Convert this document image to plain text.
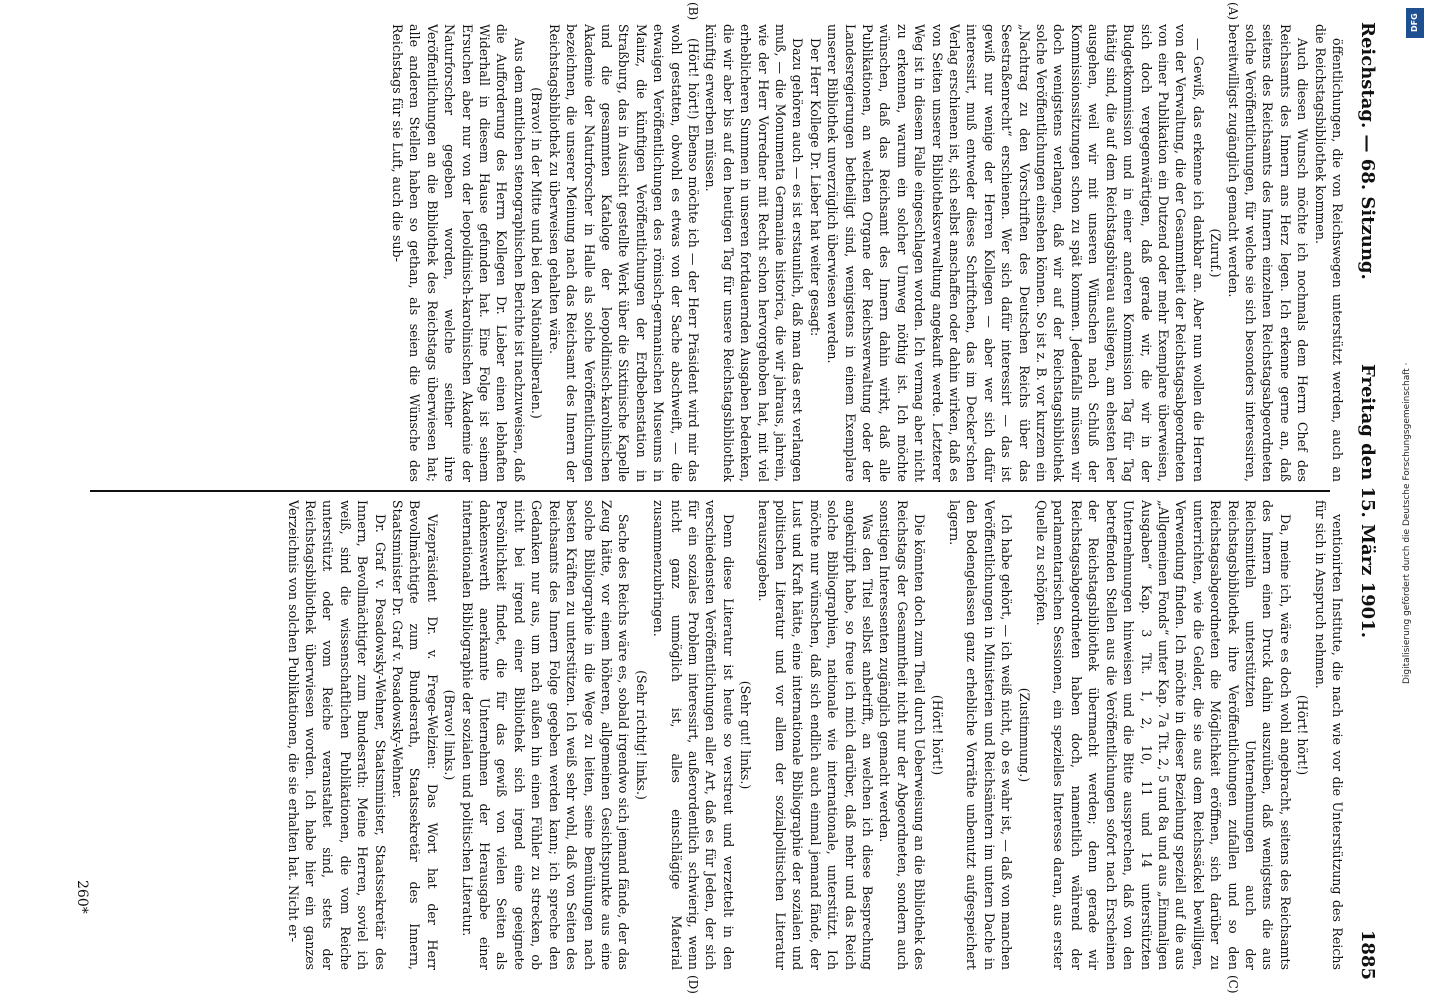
Reichstag. — 68. Sitzung.
Freitag den 15. März 1901.
1885
(A)
(B)
(C)
(D)

öffentlichungen, die von Reichswegen unterstützt werden, auch an die Reichstagsbibliothek kommen.

Auch diesen Wunsch möchte ich nochmals dem Herrn Chef des Reichsamts des Innern ans Herz legen. Ich erkenne gerne an, daß seitens des Reichsamts des Innern einzelnen Reichstagsabgeordneten solche Veröffentlichungen, für welche sie sich besonders interessiren, bereitwilligst zugänglich gemacht werden.

(Zuruf.)

— Gewiß, das erkenne ich dankbar an. Aber nun wollen die Herren von der Verwaltung, die der Gesammtheit der Reichstagsabgeordneten von einer Publikation ein Dutzend oder mehr Exemplare überweisen, sich doch vergegenwärtigen, daß gerade wir, die wir in der Budgetkommission und in einer anderen Kommission Tag für Tag thätig sind, die auf dem Reichstagsbüreau ausliegen, am ehesten leer ausgehen, weil wir mit unseren Wünschen nach Schluß der Kommissionssitzungen schon zu spät kommen. Jedenfalls müssen wir doch wenigstens verlangen, daß wir auf der Reichstagsbibliothek solche Veröffentlichungen einsehen können. So ist z. B. vor kurzem ein „Nachtrag zu den Vorschriften des Deutschen Reichs über das Seestraßenrecht“ erschienen. Wer sich dafür interessirt — das ist gewiß nur wenige der Herren Kollegen — aber wer sich dafür interessirt, muß entweder dieses Schriftchen, das im Decker'schen Verlag erschienen ist, sich selbst anschaffen oder dahin wirken, daß es von Seiten unserer Bibliotheksverwaltung angekauft werde. Letzterer Weg ist in diesem Falle eingeschlagen worden. Ich vermag aber nicht zu erkennen, warum ein solcher Umweg nöthig ist. Ich möchte wünschen, daß das Reichsamt des Innern dahin wirkt, daß alle Publikationen, an welchen Organe der Reichsverwaltung oder der Landesregierungen betheiligt sind, wenigstens in einem Exemplare unserer Bibliothek unverzüglich überwiesen werden.

Der Herr Kollege Dr. Lieber hat weiter gesagt:

Dazu gehören auch — es ist erstaunlich, daß man das erst verlangen muß, — die Monumenta Germaniae historica, die wir jahraus, jahrein, wie der Herr Vorredner mit Recht schon hervorgehoben hat, mit viel erheblicheren Summen in unseren fortdauernden Ausgaben bedenken, die wir aber bis auf den heutigen Tag für unsere Reichstagsbibliothek künftig erwerben müssen.

(Hört! hört!) Ebenso möchte ich — der Herr Präsident wird mir das wohl gestatten, obwohl es etwas von der Sache abschweift, — die etwaigen Veröffentlichungen des römisch-germanischen Museums in Mainz, die künftigen Veröffentlichungen der Erdbebenstation in Straßburg, das in Aussicht gestellte Werk über die Sixtinische Kapelle und die gesammten Kataloge der leopoldinisch-karolinischen Akademie der Naturforscher in Halle als solche Veröffentlichungen bezeichnen, die unserer Meinung nach das Reichsamt des Innern der Reichstagsbibliothek zu überweisen gehalten wäre.

(Bravo! in der Mitte und bei den Nationalliberalen.)

Aus dem amtlichen stenographischen Berichte ist nachzuweisen, daß die Aufforderung des Herrn Kollegen Dr. Lieber einen lebhaften Widerhall in diesem Hause gefunden hat. Eine Folge ist seinem Ersuchen aber nur von der leopoldinisch-karolinischen Akademie der Naturforscher gegeben worden, welche seither ihre Veröffentlichungen an die Bibliothek des Reichstags überwiesen hat; alle anderen Stellen haben so gethan, als seien die Wünsche des Reichstags für sie Luft, auch die sub-

ventionirten Institute, die nach wie vor die Unterstützung des Reichs für sich in Anspruch nehmen.

(Hört! hört!)

Da, meine ich, wäre es doch wohl angebracht, seitens des Reichsamts des Innern einen Druck dahin auszuüben, daß wenigstens die aus Reichsmitteln unterstützten Unternehmungen auch der Reichstagsbibliothek ihre Veröffentlichungen zufallen und so den Reichstagsabgeordneten die Möglichkeit eröffnen, sich darüber zu unterrichten, wie die Gelder, die sie aus dem Reichssäckel bewilligen, Verwendung finden. Ich möchte in dieser Beziehung speziell auf die aus „Allgemeinen Fonds“ unter Kap. 7a Tit. 2, 5 und 8a und aus „Einmaligen Ausgaben“ Kap. 3 Tit. 1, 2, 10, 11 und 14 unterstützten Unternehmungen hinweisen und die Bitte aussprechen, daß von den betreffenden Stellen aus die Veröffentlichungen sofort nach Erscheinen der Reichstagsbibliothek übermacht werden; denn gerade wir Reichstagsabgeordneten haben doch, namentlich während der parlamentarischen Sessionen, ein spezielles Interesse daran, aus erster Quelle zu schöpfen.

(Zustimmung.)

Ich habe gehört, — ich weiß nicht, ob es wahr ist, — daß von manchen Veröffentlichungen in Ministerien und Reichsämtern im untern Dache in den Bodengelassen ganz erhebliche Vorräthe unbenutzt aufgespeichert lagern.

(Hört! hört!)

Die könnten doch zum Theil durch Ueberweisung an die Bibliothek des Reichstags der Gesammtheit nicht nur der Abgeordneten, sondern auch sonstigen Interessenten zugänglich gemacht werden.

Was den Titel selbst anbetrifft, an welchen ich diese Besprechung angeknüpft habe, so freue ich mich darüber, daß mehr und das Reich solche Bibliographien, nationale wie internationale, unterstützt. Ich möchte nur wünschen, daß sich endlich auch einmal jemand fände, der Lust und Kraft hätte, eine internationale Bibliographie der sozialen und politischen Literatur und vor allem der sozialpolitischen Literatur herauszugeben.

(Sehr gut! links.)

Denn diese Literatur ist heute so verstreut und verzettelt in den verschiedensten Veröffentlichungen aller Art, daß es für Jeden, der sich für ein soziales Problem interessirt, außerordentlich schwierig, wenn nicht ganz unmöglich ist, alles einschlägige Material zusammenzubringen.

(Sehr richtig! links.)

Sache des Reichs wäre es, sobald irgendwo sich jemand fände, der das Zeug hätte, vor einem höheren, allgemeinen Gesichtspunkte aus eine solche Bibliographie in die Wege zu leiten, seine Bemühungen nach besten Kräften zu unterstützen. Ich weiß sehr wohl, daß von Seiten des Reichsamts des Innern Folge gegeben werden kann; ich spreche den Gedanken nur aus, um nach außen hin einen Fühler zu strecken, ob nicht bei irgend einer Bibliothek sich irgend eine geeignete Persönlichkeit findet, die für das gewiß von vielen Seiten als dankenswerth anerkannte Unternehmen der Herausgabe einer internationalen Bibliographie der sozialen und politischen Literatur.

(Bravo! links.)

Vizepräsident Dr. v. Frege-Welzien: Das Wort hat der Herr Bevollmächtigte zum Bundesrath, Staatssekretär des Innern, Staatsminister Dr. Graf v. Posadowsky-Wehner.

Dr. Graf v. Posadowsky-Wehner, Staatsminister, Staatssekretär des Innern, Bevollmächtigter zum Bundesrath: Meine Herren, soviel ich weiß, sind die wissenschaftlichen Publikationen, die vom Reiche unterstützt oder vom Reiche veranstaltet sind, stets der Reichstagsbibliothek überwiesen worden. Ich habe hier ein ganzes Verzeichnis von solchen Publikationen, die sie erhalten hat. Nicht er-

260*
DFG
Digitalisierung gefördert durch die Deutsche Forschungsgemeinschaft ·
